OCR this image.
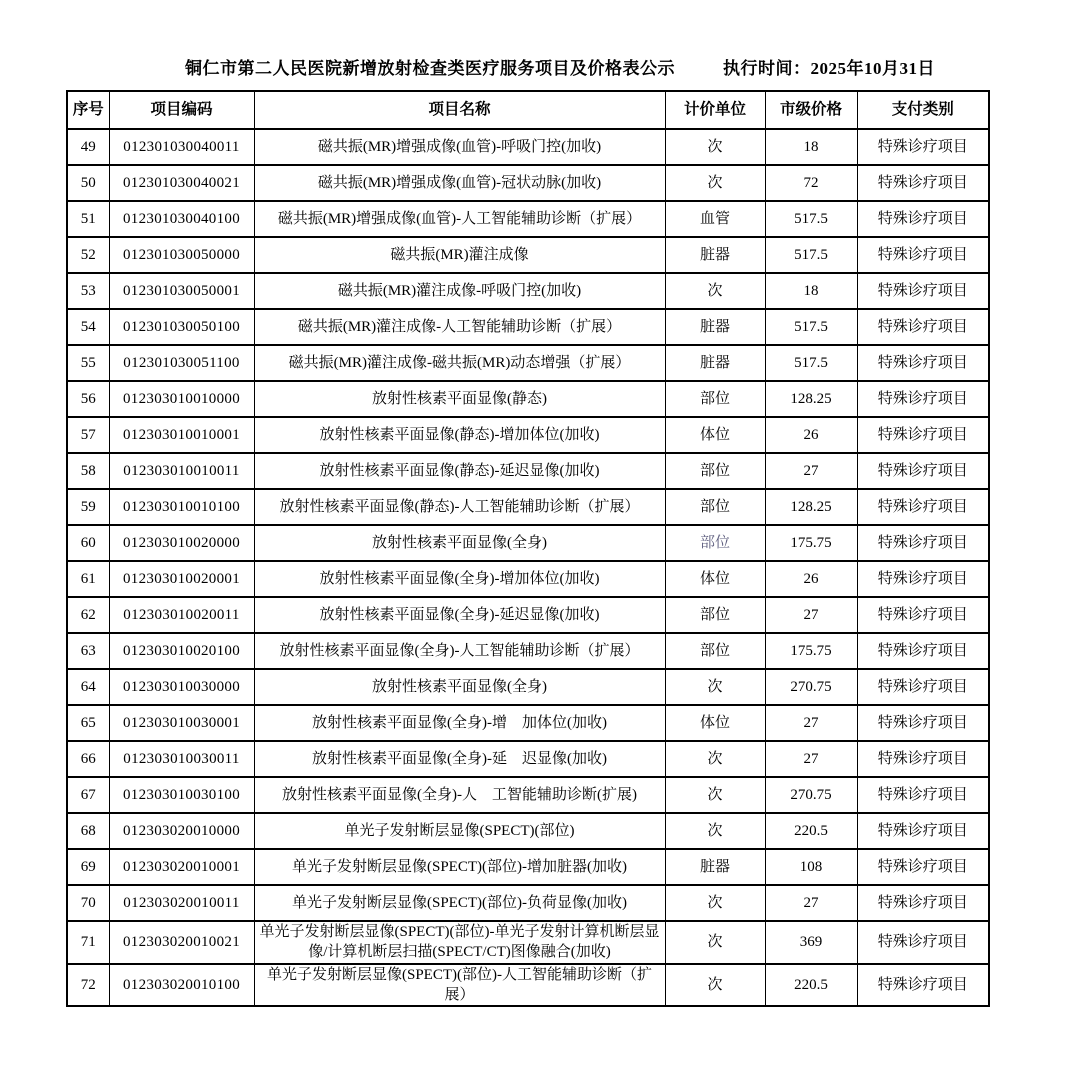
铜仁市第二人民医院新增放射检查类医疗服务项目及价格表公示	执行时间：2025年10月31日
序号	项目编码	项目名称	计价单位	市级价格	支付类别
49	012301030040011	磁共振(MR)增强成像(血管)-呼吸门控(加收)	次	18	特殊诊疗项目
50	012301030040021	磁共振(MR)增强成像(血管)-冠状动脉(加收)	次	72	特殊诊疗项目
51	012301030040100	磁共振(MR)增强成像(血管)-人工智能辅助诊断（扩展）	血管	517.5	特殊诊疗项目
52	012301030050000	磁共振(MR)灌注成像	脏器	517.5	特殊诊疗项目
53	012301030050001	磁共振(MR)灌注成像-呼吸门控(加收)	次	18	特殊诊疗项目
54	012301030050100	磁共振(MR)灌注成像-人工智能辅助诊断（扩展）	脏器	517.5	特殊诊疗项目
55	012301030051100	磁共振(MR)灌注成像-磁共振(MR)动态增强（扩展）	脏器	517.5	特殊诊疗项目
56	012303010010000	放射性核素平面显像(静态)	部位	128.25	特殊诊疗项目
57	012303010010001	放射性核素平面显像(静态)-增加体位(加收)	体位	26	特殊诊疗项目
58	012303010010011	放射性核素平面显像(静态)-延迟显像(加收)	部位	27	特殊诊疗项目
59	012303010010100	放射性核素平面显像(静态)-人工智能辅助诊断（扩展）	部位	128.25	特殊诊疗项目
60	012303010020000	放射性核素平面显像(全身)	部位	175.75	特殊诊疗项目
61	012303010020001	放射性核素平面显像(全身)-增加体位(加收)	体位	26	特殊诊疗项目
62	012303010020011	放射性核素平面显像(全身)-延迟显像(加收)	部位	27	特殊诊疗项目
63	012303010020100	放射性核素平面显像(全身)-人工智能辅助诊断（扩展）	部位	175.75	特殊诊疗项目
64	012303010030000	放射性核素平面显像(全身)	次	270.75	特殊诊疗项目
65	012303010030001	放射性核素平面显像(全身)-增　加体位(加收)	体位	27	特殊诊疗项目
66	012303010030011	放射性核素平面显像(全身)-延　迟显像(加收)	次	27	特殊诊疗项目
67	012303010030100	放射性核素平面显像(全身)-人　工智能辅助诊断(扩展)	次	270.75	特殊诊疗项目
68	012303020010000	单光子发射断层显像(SPECT)(部位)	次	220.5	特殊诊疗项目
69	012303020010001	单光子发射断层显像(SPECT)(部位)-增加脏器(加收)	脏器	108	特殊诊疗项目
70	012303020010011	单光子发射断层显像(SPECT)(部位)-负荷显像(加收)	次	27	特殊诊疗项目
71	012303020010021	单光子发射断层显像(SPECT)(部位)-单光子发射计算机断层显像/计算机断层扫描(SPECT/CT)图像融合(加收)	次	369	特殊诊疗项目
72	012303020010100	单光子发射断层显像(SPECT)(部位)-人工智能辅助诊断（扩展）	次	220.5	特殊诊疗项目
